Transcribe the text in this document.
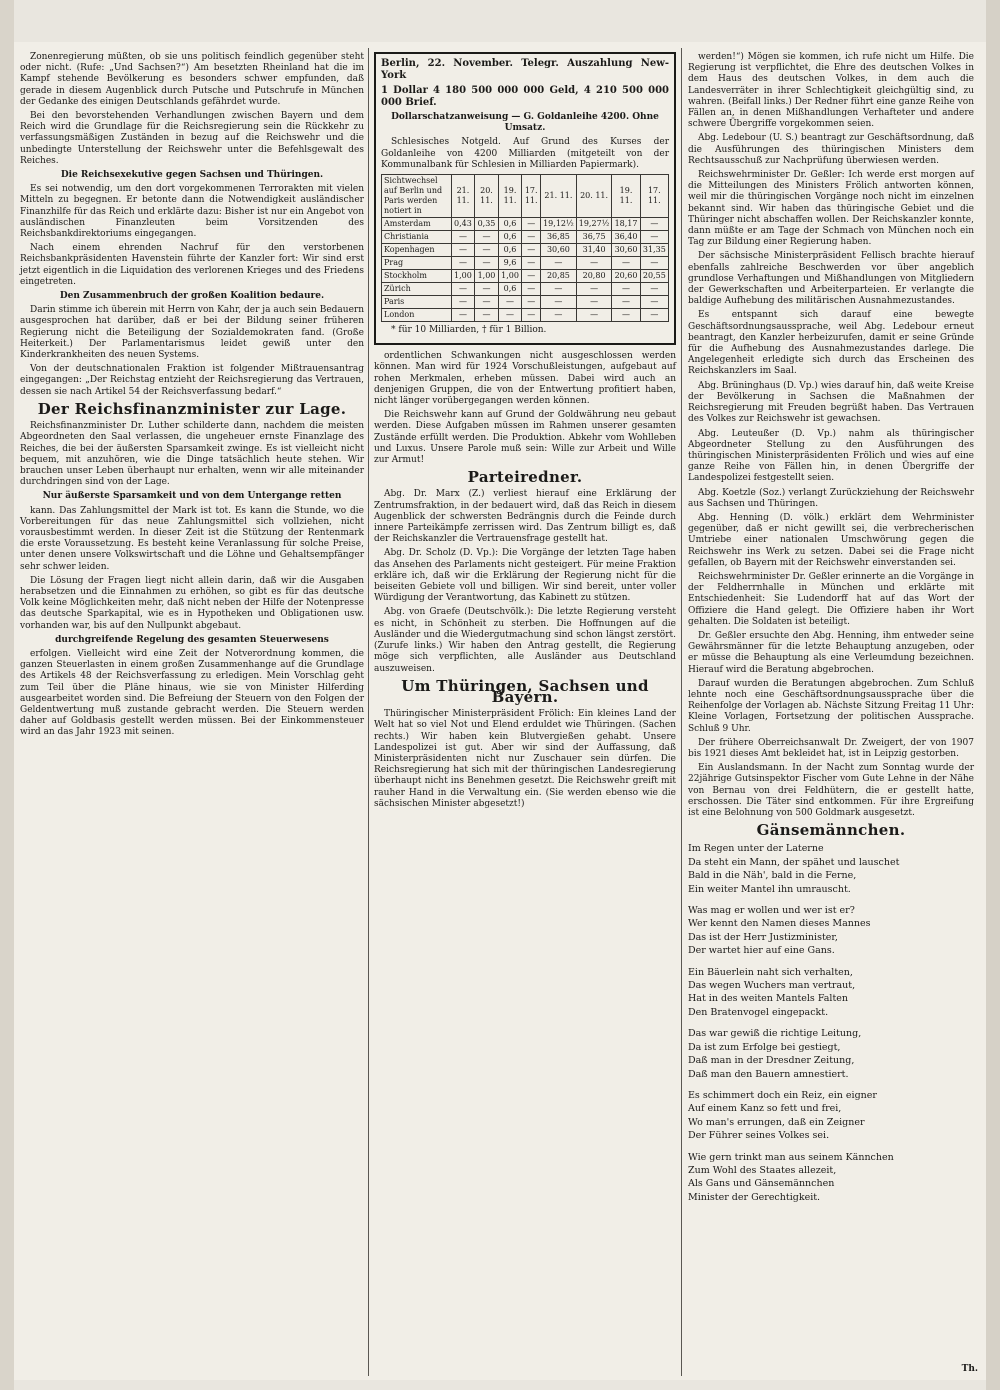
Zonenregierung müßten, ob sie uns politisch feindlich gegenüber steht oder nicht. (Rufe: „Und Sachsen?“) Am besetzten Rheinland hat die im Kampf stehende Bevölkerung es besonders schwer empfunden, daß gerade in diesem Augenblick durch Putsche und Putschrufe in München der Gedanke des einigen Deutschlands gefährdet wurde.

Bei den bevorstehenden Verhandlungen zwischen Bayern und dem Reich wird die Grundlage für die Reichsregierung sein die Rückkehr zu verfassungsmäßigen Zuständen in bezug auf die Reichswehr und die unbedingte Unterstellung der Reichswehr unter die Befehlsgewalt des Reiches.

Die Reichsexekutive gegen Sachsen und Thüringen.

Es sei notwendig, um den dort vorgekommenen Terrorakten mit vielen Mitteln zu begegnen. Er betonte dann die Notwendigkeit ausländischer Finanzhilfe für das Reich und erklärte dazu: Bisher ist nur ein Angebot von ausländischen Finanzleuten beim Vorsitzenden des Reichsbankdirektoriums eingegangen.

Nach einem ehrenden Nachruf für den verstorbenen Reichsbankpräsidenten Havenstein führte der Kanzler fort: Wir sind erst jetzt eigentlich in die Liquidation des verlorenen Krieges und des Friedens eingetreten.

Den Zusammenbruch der großen Koalition bedaure.

Darin stimme ich überein mit Herrn von Kahr, der ja auch sein Bedauern ausgesprochen hat darüber, daß er bei der Bildung seiner früheren Regierung nicht die Beteiligung der Sozialdemokraten fand. (Große Heiterkeit.) Der Parlamentarismus leidet gewiß unter den Kinderkrankheiten des neuen Systems.

Von der deutschnationalen Fraktion ist folgender Mißtrauensantrag eingegangen: „Der Reichstag entzieht der Reichsregierung das Vertrauen, dessen sie nach Artikel 54 der Reichsverfassung bedarf.“

Der Reichsfinanzminister zur Lage.

Reichsfinanzminister Dr. Luther schilderte dann, nachdem die meisten Abgeordneten den Saal verlassen, die ungeheuer ernste Finanzlage des Reiches, die bei der äußersten Sparsamkeit zwinge. Es ist vielleicht nicht bequem, mit anzuhören, wie die Dinge tatsächlich heute stehen. Wir brauchen unser Leben überhaupt nur erhalten, wenn wir alle miteinander durchdringen sind von der Lage.

Nur äußerste Sparsamkeit und von dem Untergange retten

kann. Das Zahlungsmittel der Mark ist tot. Es kann die Stunde, wo die Vorbereitungen für das neue Zahlungsmittel sich vollziehen, nicht vorausbestimmt werden. In dieser Zeit ist die Stützung der Rentenmark die erste Voraussetzung. Es besteht keine Veranlassung für solche Preise, unter denen unsere Volkswirtschaft und die Löhne und Gehaltsempfänger sehr schwer leiden.

Die Lösung der Fragen liegt nicht allein darin, daß wir die Ausgaben herabsetzen und die Einnahmen zu erhöhen, so gibt es für das deutsche Volk keine Möglichkeiten mehr, daß nicht neben der Hilfe der Notenpresse das deutsche Sparkapital, wie es in Hypotheken und Obligationen usw. vorhanden war, bis auf den Nullpunkt abgebaut.

durchgreifende Regelung des gesamten Steuerwesens

erfolgen. Vielleicht wird eine Zeit der Notverordnung kommen, die ganzen Steuerlasten in einem großen Zusammenhange auf die Grundlage des Artikels 48 der Reichsverfassung zu erledigen. Mein Vorschlag geht zum Teil über die Pläne hinaus, wie sie von Minister Hilferding ausgearbeitet worden sind. Die Befreiung der Steuern von den Folgen der Geldentwertung muß zustande gebracht werden. Die Steuern werden daher auf Goldbasis gestellt werden müssen. Bei der Einkommensteuer wird an das Jahr 1923 mit seinen.

Berlin, 22. November. Telegr. Auszahlung New-York

1 Dollar 4 180 500 000 000 Geld, 4 210 500 000 000 Brief.

Dollarschatzanweisung — G. Goldanleihe 4200. Ohne Umsatz.

Schlesisches Notgeld. Auf Grund des Kurses der Goldanleihe von 4200 Milliarden (mitgeteilt von der Kommunalbank für Schlesien in Milliarden Papiermark).

Sichtwechsel auf Berlin und Paris werden notiert in	21. 11.	20. 11.	19. 11.	17. 11.	21. 11.	20. 11.	19. 11.	17. 11.
Amsterdam	0,43	0,35	0,6	—	19,12½	19,27½	18,17	—
Christiania	—	—	0,6	—	36,85	36,75	36,40	—
Kopenhagen	—	—	0,6	—	30,60	31,40	30,60	31,35
Prag	—	—	9,6	—	—	—	—	—
Stockholm	1,00	1,00	1,00	—	20,85	20,80	20,60	20,55
Zürich	—	—	0,6	—	—	—	—	—
Paris	—	—	—	—	—	—	—	—
London	—	—	—	—	—	—	—	—

* für 10 Milliarden, † für 1 Billion.

ordentlichen Schwankungen nicht ausgeschlossen werden können. Man wird für 1924 Vorschußleistungen, aufgebaut auf rohen Merkmalen, erheben müssen. Dabei wird auch an denjenigen Gruppen, die von der Entwertung profitiert haben, nicht länger vorübergegangen werden können.

Die Reichswehr kann auf Grund der Goldwährung neu gebaut werden. Diese Aufgaben müssen im Rahmen unserer gesamten Zustände erfüllt werden. Die Produktion. Abkehr vom Wohlleben und Luxus. Unsere Parole muß sein: Wille zur Arbeit und Wille zur Armut!

Parteiredner.

Abg. Dr. Marx (Z.) verliest hierauf eine Erklärung der Zentrumsfraktion, in der bedauert wird, daß das Reich in diesem Augenblick der schwersten Bedrängnis durch die Feinde durch innere Parteikämpfe zerrissen wird. Das Zentrum billigt es, daß der Reichskanzler die Vertrauensfrage gestellt hat.

Abg. Dr. Scholz (D. Vp.): Die Vorgänge der letzten Tage haben das Ansehen des Parlaments nicht gesteigert. Für meine Fraktion erkläre ich, daß wir die Erklärung der Regierung nicht für die beiseiten Gebiete voll und billigen. Wir sind bereit, unter voller Würdigung der Verantwortung, das Kabinett zu stützen.

Abg. von Graefe (Deutschvölk.): Die letzte Regierung versteht es nicht, in Schönheit zu sterben. Die Hoffnungen auf die Ausländer und die Wiedergutmachung sind schon längst zerstört. (Zurufe links.) Wir haben den Antrag gestellt, die Regierung möge sich verpflichten, alle Ausländer aus Deutschland auszuweisen.

Um Thüringen, Sachsen und Bayern.

Thüringischer Ministerpräsident Frölich: Ein kleines Land der Welt hat so viel Not und Elend erduldet wie Thüringen. (Sachen rechts.) Wir haben kein Blutvergießen gehabt. Unsere Landespolizei ist gut. Aber wir sind der Auffassung, daß Ministerpräsidenten nicht nur Zuschauer sein dürfen. Die Reichsregierung hat sich mit der thüringischen Landesregierung überhaupt nicht ins Benehmen gesetzt. Die Reichswehr greift mit rauher Hand in die Verwaltung ein. (Sie werden ebenso wie die sächsischen Minister abgesetzt!)

werden!“) Mögen sie kommen, ich rufe nicht um Hilfe. Die Regierung ist verpflichtet, die Ehre des deutschen Volkes in dem Haus des deutschen Volkes, in dem auch die Landesverräter in ihrer Schlechtigkeit gleichgültig sind, zu wahren. (Beifall links.) Der Redner führt eine ganze Reihe von Fällen an, in denen Mißhandlungen Verhafteter und andere schwere Übergriffe vorgekommen seien.

Abg. Ledebour (U. S.) beantragt zur Geschäftsordnung, daß die Ausführungen des thüringischen Ministers dem Rechtsausschuß zur Nachprüfung überwiesen werden.

Reichswehrminister Dr. Geßler: Ich werde erst morgen auf die Mitteilungen des Ministers Frölich antworten können, weil mir die thüringischen Vorgänge noch nicht im einzelnen bekannt sind. Wir haben das thüringische Gebiet und die Thüringer nicht abschaffen wollen. Der Reichskanzler konnte, dann müßte er am Tage der Schmach von München noch ein Tag zur Bildung einer Regierung haben.

Der sächsische Ministerpräsident Fellisch brachte hierauf ebenfalls zahlreiche Beschwerden vor über angeblich grundlose Verhaftungen und Mißhandlungen von Mitgliedern der Gewerkschaften und Arbeiterparteien. Er verlangte die baldige Aufhebung des militärischen Ausnahmezustandes.

Es entspannt sich darauf eine bewegte Geschäftsordnungsaussprache, weil Abg. Ledebour erneut beantragt, den Kanzler herbeizurufen, damit er seine Gründe für die Aufhebung des Ausnahmezustandes darlege. Die Angelegenheit erledigte sich durch das Erscheinen des Reichskanzlers im Saal.

Abg. Brüninghaus (D. Vp.) wies darauf hin, daß weite Kreise der Bevölkerung in Sachsen die Maßnahmen der Reichsregierung mit Freuden begrüßt haben. Das Vertrauen des Volkes zur Reichswehr ist gewachsen.

Abg. Leuteußer (D. Vp.) nahm als thüringischer Abgeordneter Stellung zu den Ausführungen des thüringischen Ministerpräsidenten Frölich und wies auf eine ganze Reihe von Fällen hin, in denen Übergriffe der Landespolizei festgestellt seien.

Abg. Koetzle (Soz.) verlangt Zurückziehung der Reichswehr aus Sachsen und Thüringen.

Abg. Henning (D. völk.) erklärt dem Wehrminister gegenüber, daß er nicht gewillt sei, die verbrecherischen Umtriebe einer nationalen Umschwörung gegen die Reichswehr ins Werk zu setzen. Dabei sei die Frage nicht gefallen, ob Bayern mit der Reichswehr einverstanden sei.

Reichswehrminister Dr. Geßler erinnerte an die Vorgänge in der Feldherrnhalle in München und erklärte mit Entschiedenheit: Sie Ludendorff hat auf das Wort der Offiziere die Hand gelegt. Die Offiziere haben ihr Wort gehalten. Die Soldaten ist beteiligt.

Dr. Geßler ersuchte den Abg. Henning, ihm entweder seine Gewährsmänner für die letzte Behauptung anzugeben, oder er müsse die Behauptung als eine Verleumdung bezeichnen. Hierauf wird die Beratung abgebrochen.

Darauf wurden die Beratungen abgebrochen. Zum Schluß lehnte noch eine Geschäftsordnungsaussprache über die Reihenfolge der Vorlagen ab. Nächste Sitzung Freitag 11 Uhr: Kleine Vorlagen, Fortsetzung der politischen Aussprache. Schluß 9 Uhr.

Der frühere Oberreichsanwalt Dr. Zweigert, der von 1907 bis 1921 dieses Amt bekleidet hat, ist in Leipzig gestorben.

Ein Auslandsmann. In der Nacht zum Sonntag wurde der 22jährige Gutsinspektor Fischer vom Gute Lehne in der Nähe von Bernau von drei Feldhütern, die er gestellt hatte, erschossen. Die Täter sind entkommen. Für ihre Ergreifung ist eine Belohnung von 500 Goldmark ausgesetzt.

Gänsemännchen.
Im Regen unter der Laterne
Da steht ein Mann, der spähet und lauschet
Bald in die Näh', bald in die Ferne,
Ein weiter Mantel ihn umrauscht.
Was mag er wollen und wer ist er?
Wer kennt den Namen dieses Mannes
Das ist der Herr Justizminister,
Der wartet hier auf eine Gans.
Ein Bäuerlein naht sich verhalten,
Das wegen Wuchers man vertraut,
Hat in des weiten Mantels Falten
Den Bratenvogel eingepackt.
Das war gewiß die richtige Leitung,
Da ist zum Erfolge bei gestiegt,
Daß man in der Dresdner Zeitung,
Daß man den Bauern amnestiert.
Es schimmert doch ein Reiz, ein eigner
Auf einem Kanz so fett und frei,
Wo man's errungen, daß ein Zeigner
Der Führer seines Volkes sei.
Wie gern trinkt man aus seinem Kännchen
Zum Wohl des Staates allezeit,
Als Gans und Gänsemännchen
Minister der Gerechtigkeit.
Th.
